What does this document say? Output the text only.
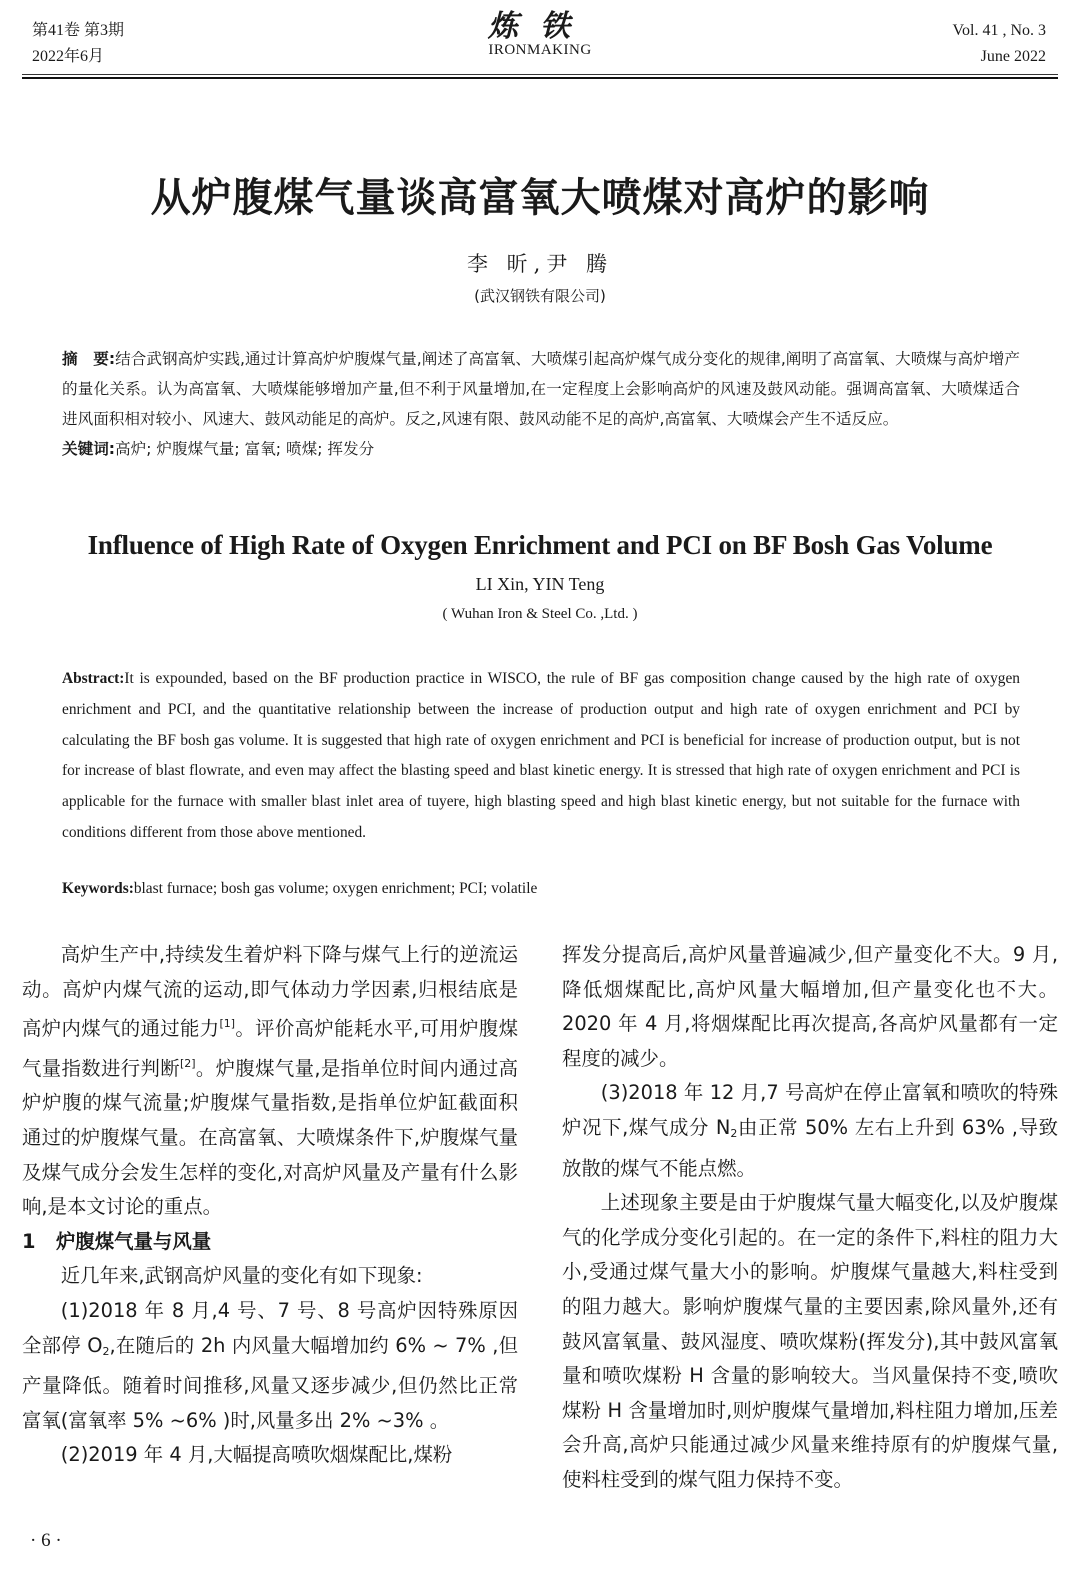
第41卷 第3期
2022年6月
炼铁
IRONMAKING
Vol. 41 , No. 3
June 2022
从炉腹煤气量谈高富氧大喷煤对高炉的影响
李 昕,尹 腾
(武汉钢铁有限公司)
摘　要:结合武钢高炉实践,通过计算高炉炉腹煤气量,阐述了高富氧、大喷煤引起高炉煤气成分变化的规律,阐明了高富氧、大喷煤与高炉增产的量化关系。认为高富氧、大喷煤能够增加产量,但不利于风量增加,在一定程度上会影响高炉的风速及鼓风动能。强调高富氧、大喷煤适合进风面积相对较小、风速大、鼓风动能足的高炉。反之,风速有限、鼓风动能不足的高炉,高富氧、大喷煤会产生不适反应。
关键词:高炉; 炉腹煤气量; 富氧; 喷煤; 挥发分
Influence of High Rate of Oxygen Enrichment and PCI on BF Bosh Gas Volume
LI Xin, YIN Teng
( Wuhan Iron & Steel Co. ,Ltd. )
Abstract:It is expounded, based on the BF production practice in WISCO, the rule of BF gas composition change caused by the high rate of oxygen enrichment and PCI, and the quantitative relationship between the increase of production output and high rate of oxygen enrichment and PCI by calculating the BF bosh gas volume. It is suggested that high rate of oxygen enrichment and PCI is beneficial for increase of production output, but is not for increase of blast flowrate, and even may affect the blasting speed and blast kinetic energy. It is stressed that high rate of oxygen enrichment and PCI is applicable for the furnace with smaller blast inlet area of tuyere, high blasting speed and high blast kinetic energy, but not suitable for the furnace with conditions different from those above mentioned.
Keywords:blast furnace; bosh gas volume; oxygen enrichment; PCI; volatile

高炉生产中,持续发生着炉料下降与煤气上行的逆流运动。高炉内煤气流的运动,即气体动力学因素,归根结底是高炉内煤气的通过能力[1]。评价高炉能耗水平,可用炉腹煤气量指数进行判断[2]。炉腹煤气量,是指单位时间内通过高炉炉腹的煤气流量;炉腹煤气量指数,是指单位炉缸截面积通过的炉腹煤气量。在高富氧、大喷煤条件下,炉腹煤气量及煤气成分会发生怎样的变化,对高炉风量及产量有什么影响,是本文讨论的重点。

1 炉腹煤气量与风量

近几年来,武钢高炉风量的变化有如下现象:

(1)2018 年 8 月,4 号、7 号、8 号高炉因特殊原因全部停 $O_2$,在随后的 2h 内风量大幅增加约 6% ~ 7% ,但产量降低。随着时间推移,风量又逐步减少,但仍然比正常富氧(富氧率 5% ~6% )时,风量多出 2% ~3% 。

(2)2019 年 4 月,大幅提高喷吹烟煤配比,煤粉

挥发分提高后,高炉风量普遍减少,但产量变化不大。9 月,降低烟煤配比,高炉风量大幅增加,但产量变化也不大。2020 年 4 月,将烟煤配比再次提高,各高炉风量都有一定程度的减少。

(3)2018 年 12 月,7 号高炉在停止富氧和喷吹的特殊炉况下,煤气成分 $N_2$由正常 50% 左右上升到 63% ,导致放散的煤气不能点燃。

上述现象主要是由于炉腹煤气量大幅变化,以及炉腹煤气的化学成分变化引起的。在一定的条件下,料柱的阻力大小,受通过煤气量大小的影响。炉腹煤气量越大,料柱受到的阻力越大。影响炉腹煤气量的主要因素,除风量外,还有鼓风富氧量、鼓风湿度、喷吹煤粉(挥发分),其中鼓风富氧量和喷吹煤粉 H 含量的影响较大。当风量保持不变,喷吹煤粉 H 含量增加时,则炉腹煤气量增加,料柱阻力增加,压差会升高,高炉只能通过减少风量来维持原有的炉腹煤气量,使料柱受到的煤气阻力保持不变。

· 6 ·
